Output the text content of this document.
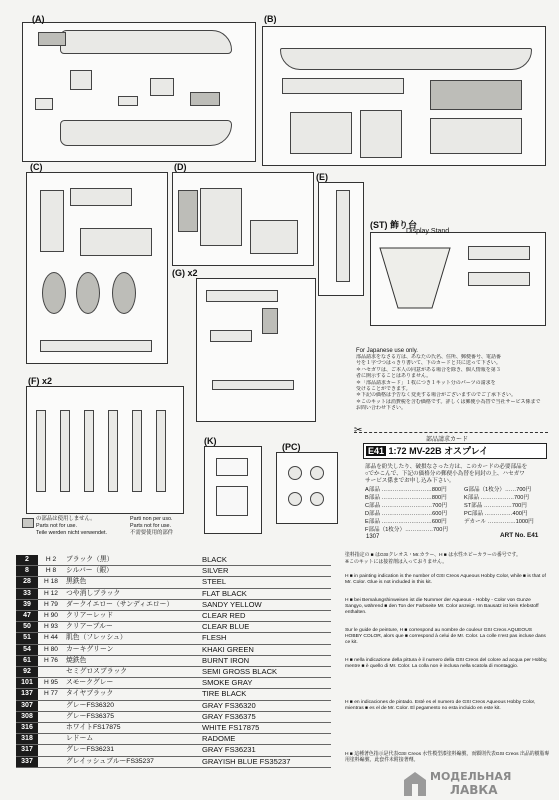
(A)	(B)
(C)	(D)
(E)
(ST) 飾り台
Display Stand
(G) x2
(F) x2
(K)
(PC)
の部品は使用しません。
Parts not for use.
Teile werden nicht verwendet.
Parti non per uso.
Parts not for use.
不需要使用的部件
For Japanese use only.
部品請求をなさる方は、あなたの氏名、住所、郵便番号、電話番
号を１字づつはっきり書いて、下のカードと共に送って下さい。
＊ハセガワは、ご本人の同意がある場合を除き、個人情報を第３
者に開示することはありません。
＊「部品請求カード」１枚につき１キット分のパーツの請求を
受けることができます。
＊下記の価格は予告なく変更する場合がございますのでご了承下さい。
＊このキットは消費税を含む価格です。詳しくは郵便小為替で当社サービス係まで
お問い合わせ下さい。
✂
部品請求カード
E41 1:72 MV-22B オスプレイ
部品を紛失したり、破損なさった方は、このカードの必要部品を
○でかこんで、下記の価格分の郵便小為替を同封の上、ハセガワ
サービス係までお申し込み下さい。
A部品 ………………………800円
B部品 ………………………800円
C部品 ………………………700円
D部品 ………………………600円
E部品 ………………………600円
F部品（1枚分）……………700円
G部品（1枚分）……700円
K部品 ………………700円
ST部品 ……………700円
PC部品 ……………400円
デカール ……………1000円
1307	ART No. E41
2	H 2	ブラック（黒）	BLACK
8	H 8	シルバー（銀）	SILVER
28	H 18	黒鉄色	STEEL
33	H 12	つや消しブラック	FLAT BLACK
39	H 79	ダークイエロー（サンディエロー）	SANDY YELLOW
47	H 90	クリアーレッド	CLEAR RED
50	H 93	クリアーブルー	CLEAR BLUE
51	H 44	肌色（フレッシュ）	FLESH
54	H 80	カーキグリーン	KHAKI GREEN
61	H 76	焼鉄色	BURNT IRON
92		セミグロスブラック	SEMI GROSS BLACK
101	H 95	スモークグレー	SMOKE GRAY
137	H 77	タイヤブラック	TIRE BLACK
307		グレーFS36320	GRAY FS36320
308		グレーFS36375	GRAY FS36375
316		ホワイトFS17875	WHITE FS17875
318		レドーム	RADOME
317		グレーFS36231	GRAY FS36231
337		グレイッシュブルーFS35237	GRAYISH BLUE FS35237
塗料指定の ■ はGSIクレオス・Mr.カラー、H ■ は水性ホビーカラーの番号です。
※このキットには接着剤は入っておりません。
H ■ in painting indication is the number of GSI Creos Aqueous Hobby Color, while ■ is that of Mr. Color. Glue is not included in this kit.
H ■ bei Bemalungshinweisen ist die Nummer der Aqueous - Hobby - Color von Gunze Sangyo, während ■ den Ton der Farbseite Mr. Color anzeigt. Im Bausatz ist kein Klebstoff enthalten.
Sur le guide de peinture, H ■ correspond au nombre de couleur GSI Creos AQUEOUS HOBBY COLOR, alors que ■ correspond à celui de Mr. Color. La colle n'est pas incluse dans ce kit.
H ■ nella indicazione della pittura è il numero della GSI Creos del colore ad acqua per Hobby, mentre ■ è quello di Mr. Color. La colla non è inclusa nella scatola di montaggio.
H ■ en indicaciones de pintado. Esté es el numero de GSI Creos Aqueous Hobby Color, mientras ■ es el de Mr. Color. El pegamento no esta incluido en este kit.
H ■ 這種著色指示是代表GSI Creos 水性模型漆塗料編號，而顆則代表GSI Creos 出品的樹脂專用塗料編號，此套件未附接著劑。
МОДЕЛЬНАЯ
ЛАВКА
